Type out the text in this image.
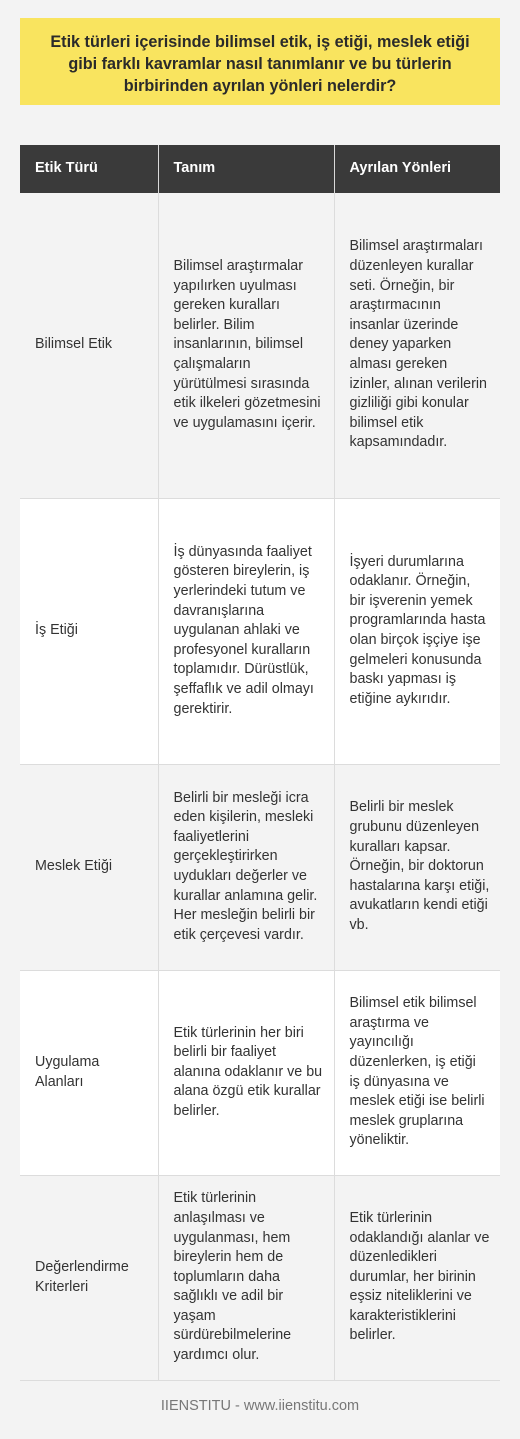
Etik türleri içerisinde bilimsel etik, iş etiği, meslek etiği gibi farklı kavramlar nasıl tanımlanır ve bu türlerin birbirinden ayrılan yönleri nelerdir?
Etik Türü	Tanım	Ayrılan Yönleri
Bilimsel Etik	Bilimsel araştırmalar yapılırken uyulması gereken kuralları belirler. Bilim insanlarının, bilimsel çalışmaların yürütülmesi sırasında etik ilkeleri gözetmesini ve uygulamasını içerir.	Bilimsel araştırmaları düzenleyen kurallar seti. Örneğin, bir araştırmacının insanlar üzerinde deney yaparken alması gereken izinler, alınan verilerin gizliliği gibi konular bilimsel etik kapsamındadır.
İş Etiği	İş dünyasında faaliyet gösteren bireylerin, iş yerlerindeki tutum ve davranışlarına uygulanan ahlaki ve profesyonel kuralların toplamıdır. Dürüstlük, şeffaflık ve adil olmayı gerektirir.	İşyeri durumlarına odaklanır. Örneğin, bir işverenin yemek programlarında hasta olan birçok işçiye işe gelmeleri konusunda baskı yapması iş etiğine aykırıdır.
Meslek Etiği	Belirli bir mesleği icra eden kişilerin, mesleki faaliyetlerini gerçekleştirirken uydukları değerler ve kurallar anlamına gelir. Her mesleğin belirli bir etik çerçevesi vardır.	Belirli bir meslek grubunu düzenleyen kuralları kapsar. Örneğin, bir doktorun hastalarına karşı etiği, avukatların kendi etiği vb.
Uygulama Alanları	Etik türlerinin her biri belirli bir faaliyet alanına odaklanır ve bu alana özgü etik kurallar belirler.	Bilimsel etik bilimsel araştırma ve yayıncılığı düzenlerken, iş etiği iş dünyasına ve meslek etiği ise belirli meslek gruplarına yöneliktir.
Değerlendirme Kriterleri	Etik türlerinin anlaşılması ve uygulanması, hem bireylerin hem de toplumların daha sağlıklı ve adil bir yaşam sürdürebilmelerine yardımcı olur.	Etik türlerinin odaklandığı alanlar ve düzenledikleri durumlar, her birinin eşsiz niteliklerini ve karakteristiklerini belirler.
IIENSTITU - www.iienstitu.com
